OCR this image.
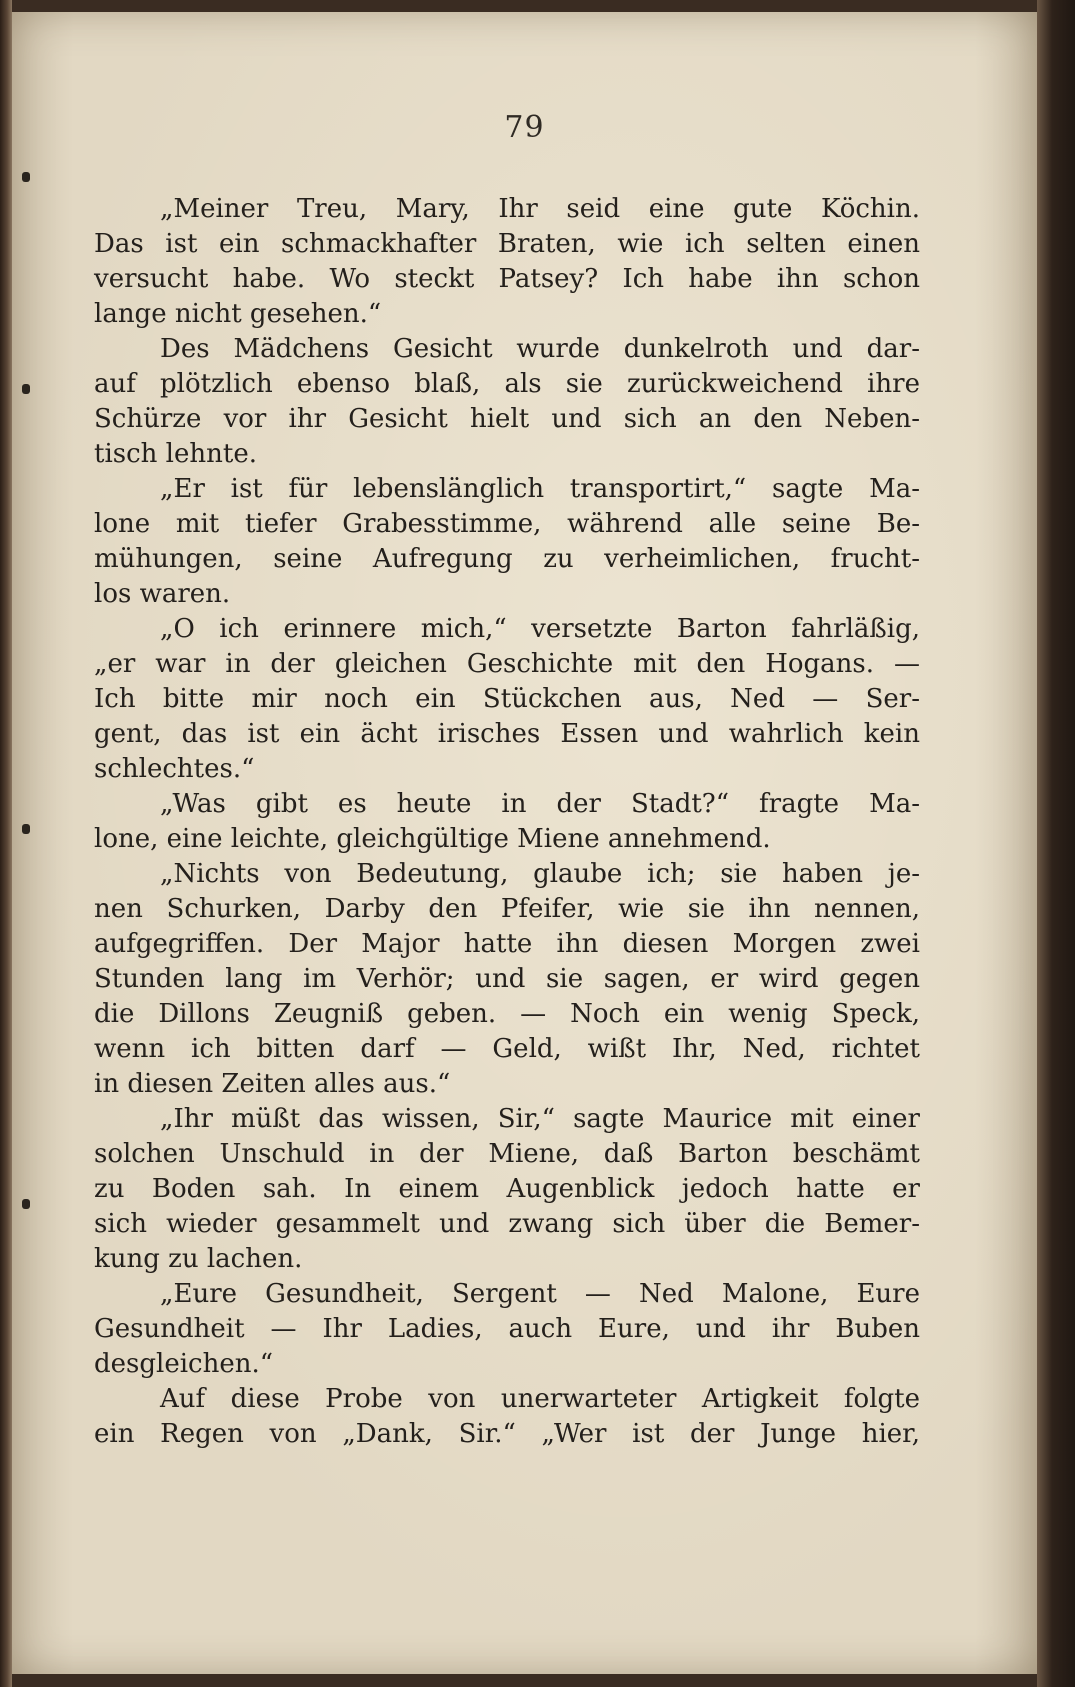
79
„Meiner Treu, Mary, Ihr seid eine gute Köchin.
Das ist ein schmackhafter Braten, wie ich selten einen
versucht habe. Wo steckt Patsey? Ich habe ihn schon
lange nicht gesehen.“
Des Mädchens Gesicht wurde dunkelroth und dar-
auf plötzlich ebenso blaß, als sie zurückweichend ihre
Schürze vor ihr Gesicht hielt und sich an den Neben-
tisch lehnte.
„Er ist für lebenslänglich transportirt,“ sagte Ma-
lone mit tiefer Grabesstimme, während alle seine Be-
mühungen, seine Aufregung zu verheimlichen, frucht-
los waren.
„O ich erinnere mich,“ versetzte Barton fahrläßig,
„er war in der gleichen Geschichte mit den Hogans. —
Ich bitte mir noch ein Stückchen aus, Ned — Ser-
gent, das ist ein ächt irisches Essen und wahrlich kein
schlechtes.“
„Was gibt es heute in der Stadt?“ fragte Ma-
lone, eine leichte, gleichgültige Miene annehmend.
„Nichts von Bedeutung, glaube ich; sie haben je-
nen Schurken, Darby den Pfeifer, wie sie ihn nennen,
aufgegriffen. Der Major hatte ihn diesen Morgen zwei
Stunden lang im Verhör; und sie sagen, er wird gegen
die Dillons Zeugniß geben. — Noch ein wenig Speck,
wenn ich bitten darf — Geld, wißt Ihr, Ned, richtet
in diesen Zeiten alles aus.“
„Ihr müßt das wissen, Sir,“ sagte Maurice mit einer
solchen Unschuld in der Miene, daß Barton beschämt
zu Boden sah. In einem Augenblick jedoch hatte er
sich wieder gesammelt und zwang sich über die Bemer-
kung zu lachen.
„Eure Gesundheit, Sergent — Ned Malone, Eure
Gesundheit — Ihr Ladies, auch Eure, und ihr Buben
desgleichen.“
Auf diese Probe von unerwarteter Artigkeit folgte
ein Regen von „Dank, Sir.“ „Wer ist der Junge hier,
